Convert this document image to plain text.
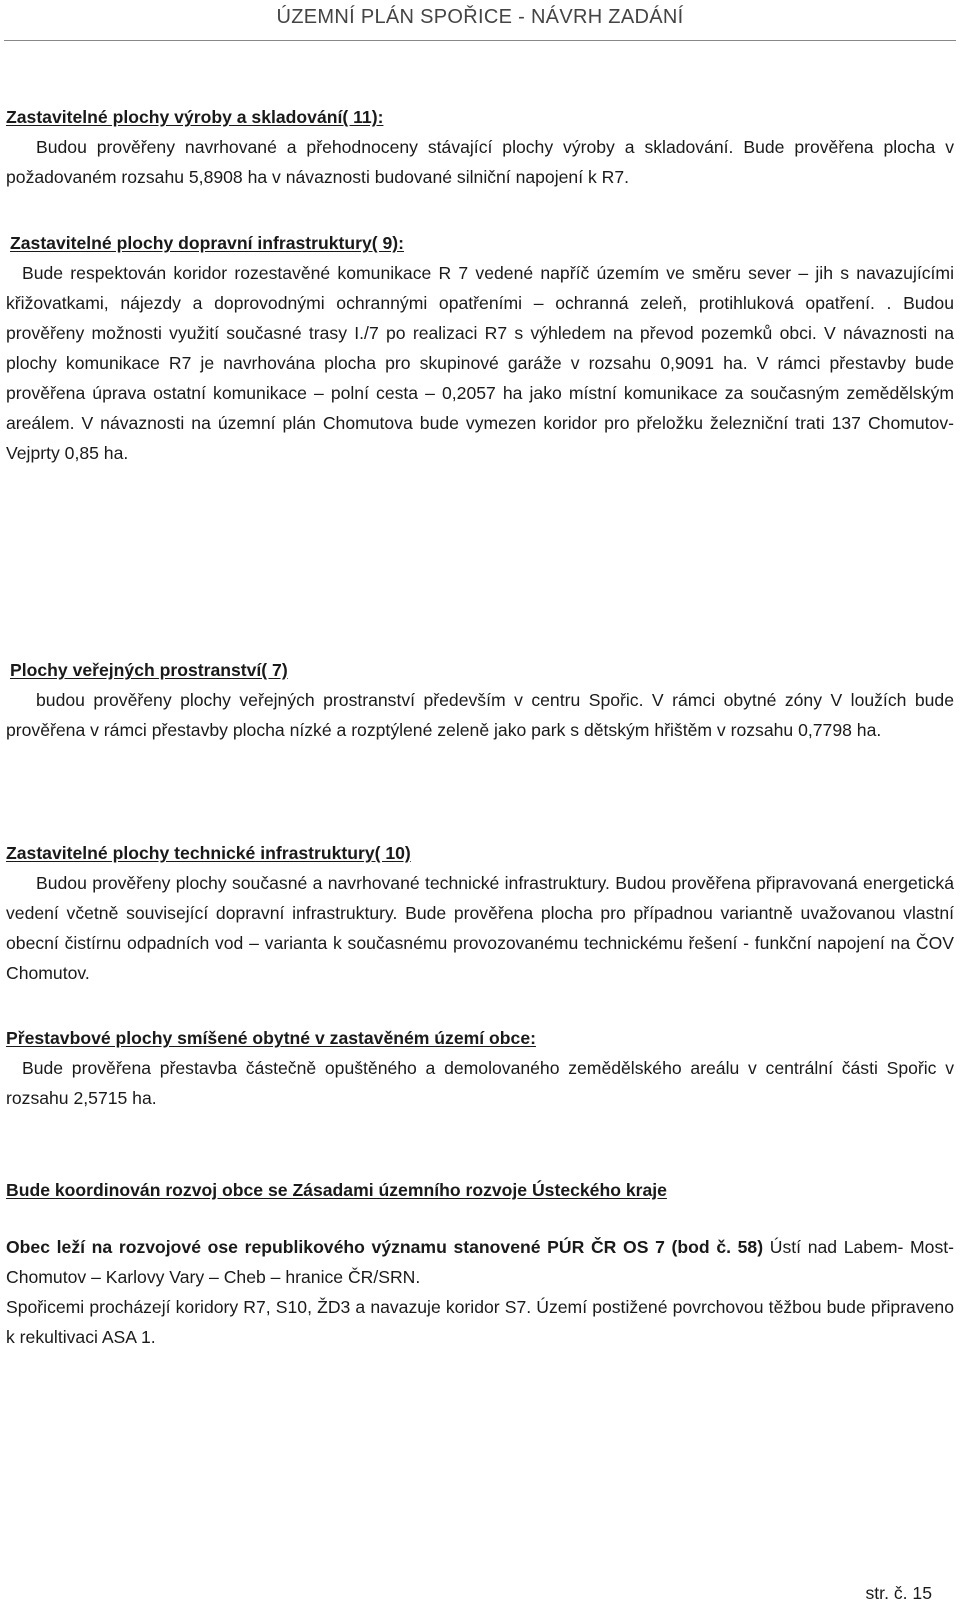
ÚZEMNÍ PLÁN SPOŘICE - NÁVRH ZADÁNÍ
Zastavitelné plochy výroby a skladování( 11):
Budou prověřeny navrhované a přehodnoceny stávající plochy výroby a skladování. Bude prověřena plocha v požadovaném rozsahu 5,8908 ha v návaznosti budované silniční napojení k R7.
Zastavitelné plochy dopravní infrastruktury( 9):
Bude respektován koridor rozestavěné komunikace R 7 vedené napříč územím ve směru sever – jih s navazujícími křižovatkami, nájezdy a doprovodnými ochrannými opatřeními – ochranná zeleň, protihluková opatření. . Budou prověřeny možnosti využití současné trasy I./7 po realizaci R7 s výhledem na převod pozemků obci. V návaznosti na plochy komunikace R7 je navrhována plocha pro skupinové garáže v rozsahu 0,9091 ha. V rámci přestavby bude prověřena úprava ostatní komunikace – polní cesta – 0,2057 ha jako místní komunikace za současným zemědělským areálem. V návaznosti na územní plán Chomutova bude vymezen koridor pro přeložku železniční trati 137 Chomutov-Vejprty 0,85 ha.
Plochy veřejných prostranství( 7)
budou prověřeny plochy veřejných prostranství především v centru Spořic. V rámci obytné zóny V loužích bude prověřena v rámci přestavby plocha nízké a rozptýlené zeleně jako park s dětským hřištěm v rozsahu 0,7798 ha.
Zastavitelné plochy technické infrastruktury( 10)
Budou prověřeny plochy současné a navrhované technické infrastruktury. Budou prověřena připravovaná energetická vedení včetně související dopravní infrastruktury. Bude prověřena plocha pro případnou variantně uvažovanou vlastní obecní čistírnu odpadních vod – varianta k současnému provozovanému technickému řešení - funkční napojení na ČOV Chomutov.
Přestavbové plochy smíšené obytné v zastavěném území obce:
Bude prověřena přestavba částečně opuštěného a demolovaného zemědělského areálu v centrální části Spořic v rozsahu 2,5715 ha.
Bude koordinován rozvoj obce se Zásadami územního rozvoje Ústeckého kraje
Obec leží na rozvojové ose republikového významu stanovené PÚR ČR OS 7 (bod č. 58) Ústí nad Labem- Most- Chomutov – Karlovy Vary – Cheb – hranice ČR/SRN.
Spořicemi procházejí koridory R7, S10, ŽD3 a navazuje koridor S7. Území postižené povrchovou těžbou bude připraveno k rekultivaci ASA 1.
str. č. 15
